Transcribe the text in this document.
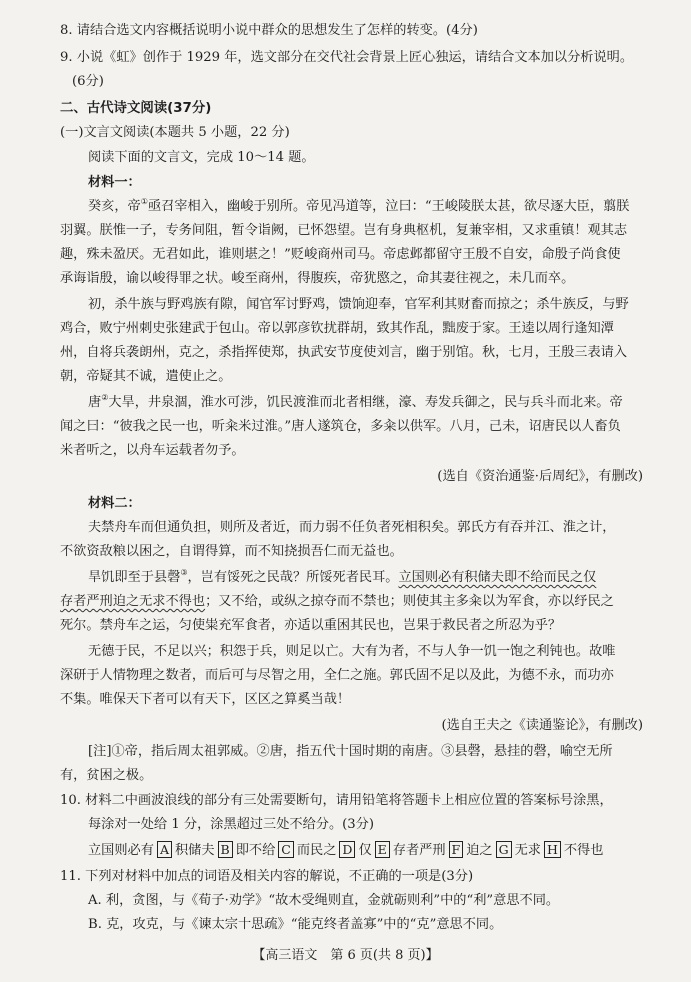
8. 请结合选文内容概括说明小说中群众的思想发生了怎样的转变。(4分)
9. 小说《虹》创作于 1929 年，选文部分在交代社会背景上匠心独运，请结合文本加以分析说明。
(6分)
二、古代诗文阅读(37分)
(一)文言文阅读(本题共 5 小题，22 分)
阅读下面的文言文，完成 10～14 题。
材料一：
癸亥，帝①亟召宰相入，幽峻于别所。帝见冯道等，泣曰：“王峻陵朕太甚，欲尽逐大臣，翦朕
羽翼。朕惟一子，专务间阻，暂令诣阙，已怀怨望。岂有身典枢机，复兼宰相，又求重镇！观其志
趣，殊未盈厌。无君如此，谁则堪之！”贬峻商州司马。帝虑邺都留守王殷不自安，命殷子尚食使
承诲诣殷，谕以峻得罪之状。峻至商州，得腹疾，帝犹愍之，命其妻往视之，未几而卒。
初，杀牛族与野鸡族有隙，闻官军讨野鸡，馈饷迎奉，官军利其财畜而掠之；杀牛族反，与野
鸡合，败宁州刺史张建武于包山。帝以郭彦钦扰群胡，致其作乱，黜废于家。王逵以周行逢知潭
州，自将兵袭朗州，克之，杀指挥使郑，执武安节度使刘言，幽于别馆。秋，七月，王殷三表请入
朝，帝疑其不诚，遣使止之。
唐②大旱，井泉涸，淮水可涉，饥民渡淮而北者相继，濠、寿发兵御之，民与兵斗而北来。帝
闻之曰：“彼我之民一也，听籴米过淮。”唐人遂筑仓，多籴以供军。八月，己未，诏唐民以人畜负
米者听之，以舟车运载者勿予。
(选自《资治通鉴·后周纪》，有删改)
材料二：
夫禁舟车而但通负担，则所及者近，而力弱不任负者死相积矣。郭氏方有吞并江、淮之计，
不欲资敌粮以困之，自谓得算，而不知挠损吾仁而无益也。
旱饥即至于县磬③，岂有馁死之民哉？所馁死者民耳。立国则必有积储夫即不给而民之仅
存者严刑迫之无求不得也；又不给，或纵之掠夺而不禁也；则使其主多籴以为军食，亦以纾民之
死尔。禁舟车之运，匀使粜充军食者，亦适以重困其民也，岂果于救民者之所忍为乎？
无德于民，不足以兴；积怨于兵，则足以亡。大有为者，不与人争一饥一饱之利钝也。故唯
深研于人情物理之数者，而后可与尽智之用，全仁之施。郭氏固不足以及此，为德不永，而功亦
不集。唯保天下者可以有天下，区区之算奚当哉！
(选自王夫之《读通鉴论》，有删改)
[注]①帝，指后周太祖郭威。②唐，指五代十国时期的南唐。③县磬，悬挂的磬，喻空无所
有，贫困之极。
10. 材料二中画波浪线的部分有三处需要断句，请用铅笔将答题卡上相应位置的答案标号涂黑，
每涂对一处给 1 分，涂黑超过三处不给分。(3分)
立国则必有 A 积储夫 B 即不给 C 而民之 D 仅 E 存者严刑 F 迫之 G 无求 H 不得也
11. 下列对材料中加点的词语及相关内容的解说，不正确的一项是(3分)
A. 利，贪图，与《荀子·劝学》“故木受绳则直，金就砺则利”中的“利”意思不同。
B. 克，攻克，与《谏太宗十思疏》“能克终者盖寡”中的“克”意思不同。
【高三语文　第 6 页(共 8 页)】
